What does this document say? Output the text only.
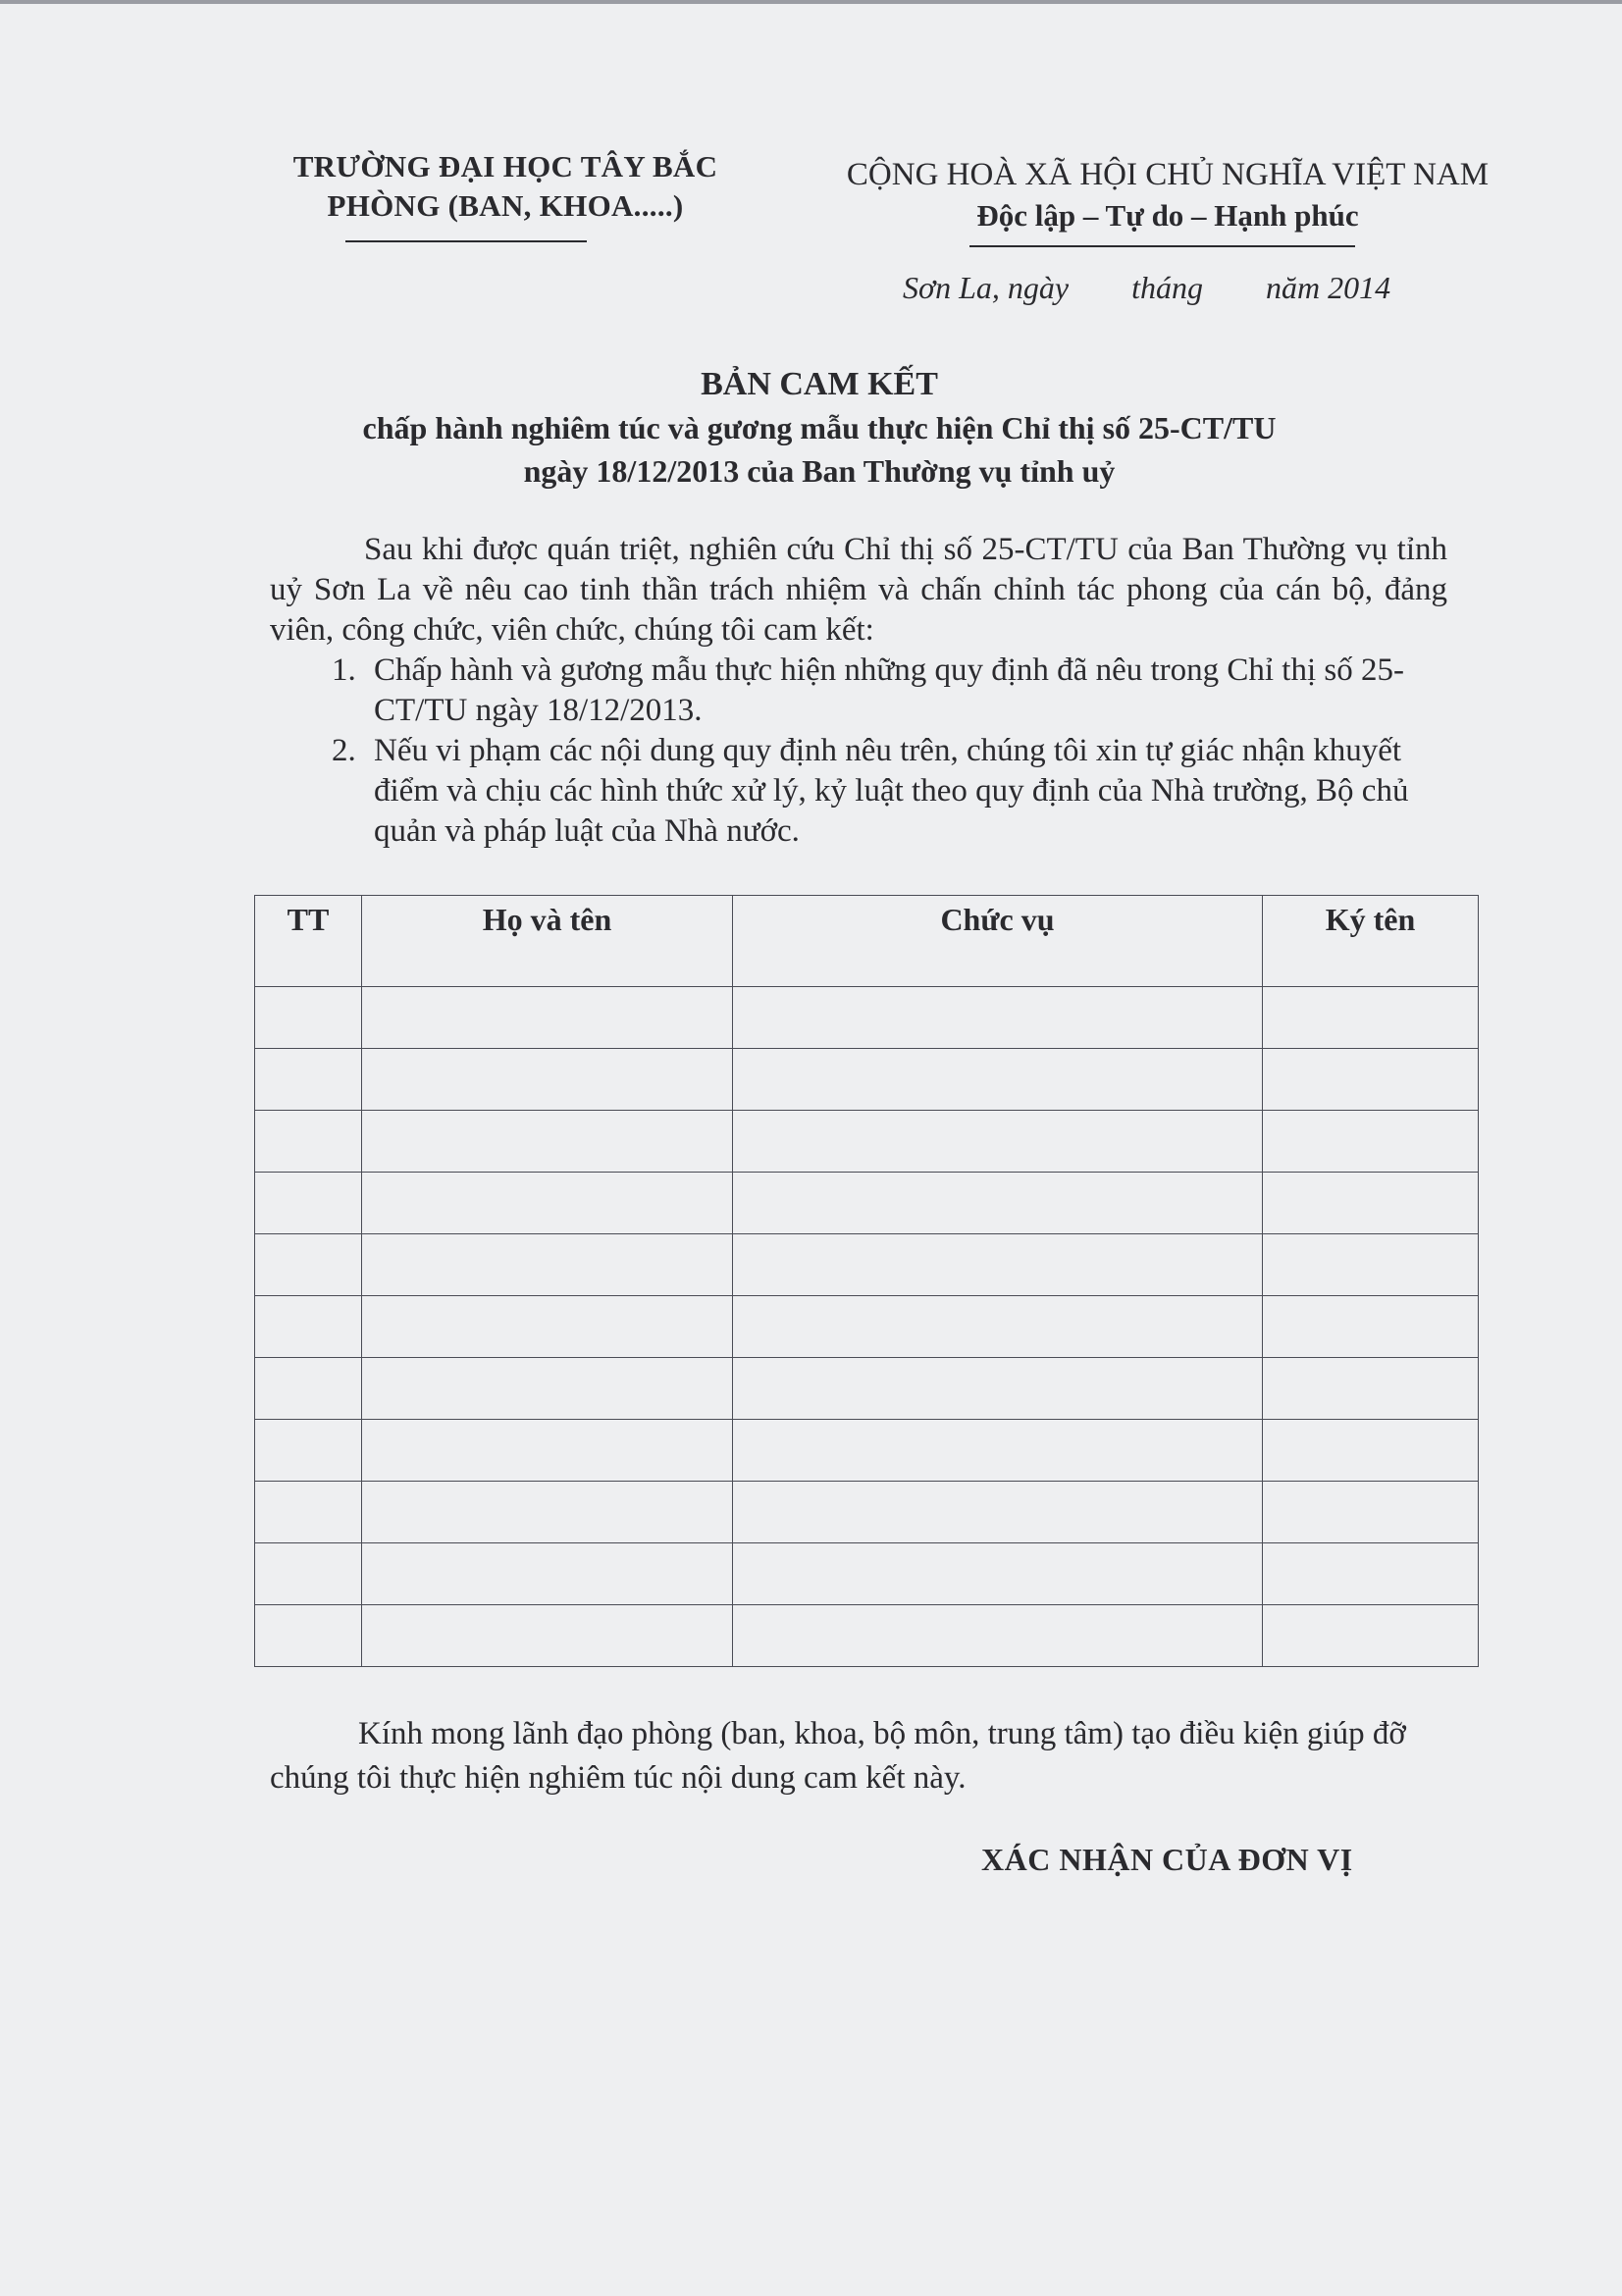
TRƯỜNG ĐẠI HỌC TÂY BẮC
PHÒNG (BAN, KHOA.....)
CỘNG HOÀ XÃ HỘI CHỦ NGHĨA VIỆT NAM
Độc lập – Tự do – Hạnh phúc
Sơn La, ngày        tháng        năm 2014
BẢN CAM KẾT
chấp hành nghiêm túc và gương mẫu thực hiện Chỉ thị số 25-CT/TU
ngày 18/12/2013 của Ban Thường vụ tỉnh uỷ

Sau khi được quán triệt, nghiên cứu Chỉ thị số 25-CT/TU của Ban Thường vụ tỉnh uỷ Sơn La về nêu cao tinh thần trách nhiệm và chấn chỉnh tác phong của cán bộ, đảng viên, công chức, viên chức, chúng tôi cam kết:

1. Chấp hành và gương mẫu thực hiện những quy định đã nêu trong Chỉ thị số 25-CT/TU ngày 18/12/2013.
2. Nếu vi phạm các nội dung quy định nêu trên, chúng tôi xin tự giác nhận khuyết điểm và chịu các hình thức xử lý, kỷ luật theo quy định của Nhà trường, Bộ chủ quản và pháp luật của Nhà nước.
TT	Họ và tên	Chức vụ	Ký tên

Kính mong lãnh đạo phòng (ban, khoa, bộ môn, trung tâm) tạo điều kiện giúp đỡ chúng tôi thực hiện nghiêm túc nội dung cam kết này.

XÁC NHẬN CỦA ĐƠN VỊ
